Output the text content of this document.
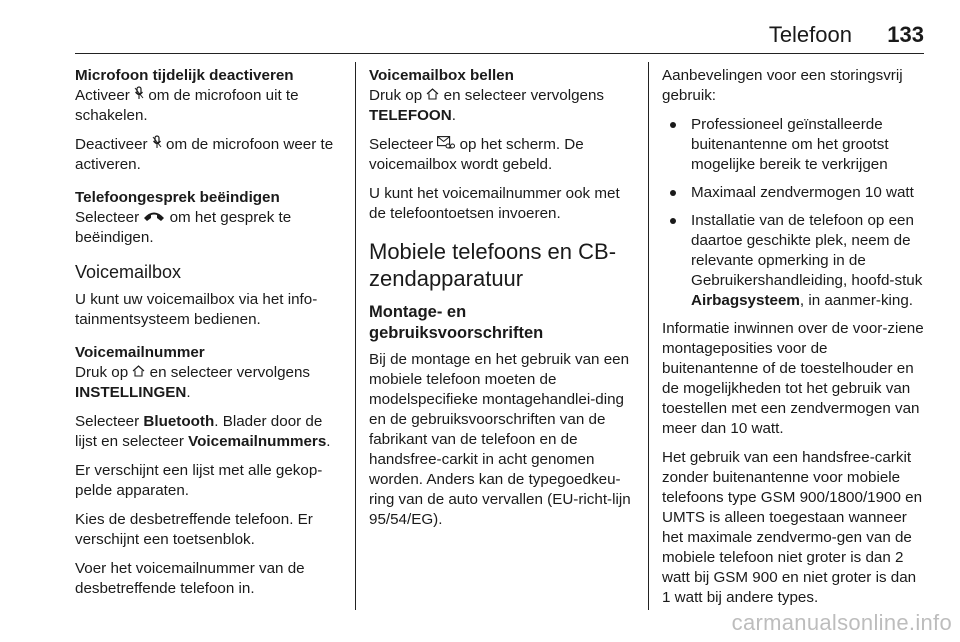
Telefoon 133
Microfoon tijdelijk deactiveren

Activeer  om de microfoon uit te schakelen.

Deactiveer  om de microfoon weer te activeren.

Telefoongesprek beëindigen

Selecteer  om het gesprek te beëindigen.

Voicemailbox

U kunt uw voicemailbox via het info-tainmentsysteem bedienen.

Voicemailnummer

Druk op  en selecteer vervolgens INSTELLINGEN.

Selecteer Bluetooth. Blader door de lijst en selecteer Voicemailnummers.

Er verschijnt een lijst met alle gekop-pelde apparaten.

Kies de desbetreffende telefoon. Er verschijnt een toetsenblok.

Voer het voicemailnummer van de desbetreffende telefoon in.

Voicemailbox bellen

Druk op  en selecteer vervolgens TELEFOON.

Selecteer  op het scherm. De voicemailbox wordt gebeld.

U kunt het voicemailnummer ook met de telefoontoetsen invoeren.

Mobiele telefoons en CB-zendapparatuur
Montage- en gebruiksvoorschriften

Bij de montage en het gebruik van een mobiele telefoon moeten de modelspecifieke montagehandlei-ding en de gebruiksvoorschriften van de fabrikant van de telefoon en de handsfree-carkit in acht genomen worden. Anders kan de typegoedkeu-ring van de auto vervallen (EU-richt-lijn 95/54/EG).

Aanbevelingen voor een storingsvrij gebruik:

Professioneel geïnstalleerde buitenantenne om het grootst mogelijke bereik te verkrijgen
Maximaal zendvermogen 10 watt
Installatie van de telefoon op een daartoe geschikte plek, neem de relevante opmerking in de Gebruikershandleiding, hoofd-stuk Airbagsysteem, in aanmer-king.

Informatie inwinnen over de voor-ziene montageposities voor de buitenantenne of de toestelhouder en de mogelijkheden tot het gebruik van toestellen met een zendvermogen van meer dan 10 watt.

Het gebruik van een handsfree-carkit zonder buitenantenne voor mobiele telefoons type GSM 900/1800/1900 en UMTS is alleen toegestaan wanneer het maximale zendvermo-gen van de mobiele telefoon niet groter is dan 2 watt bij GSM 900 en niet groter is dan 1 watt bij andere types.

carmanualsonline.info
